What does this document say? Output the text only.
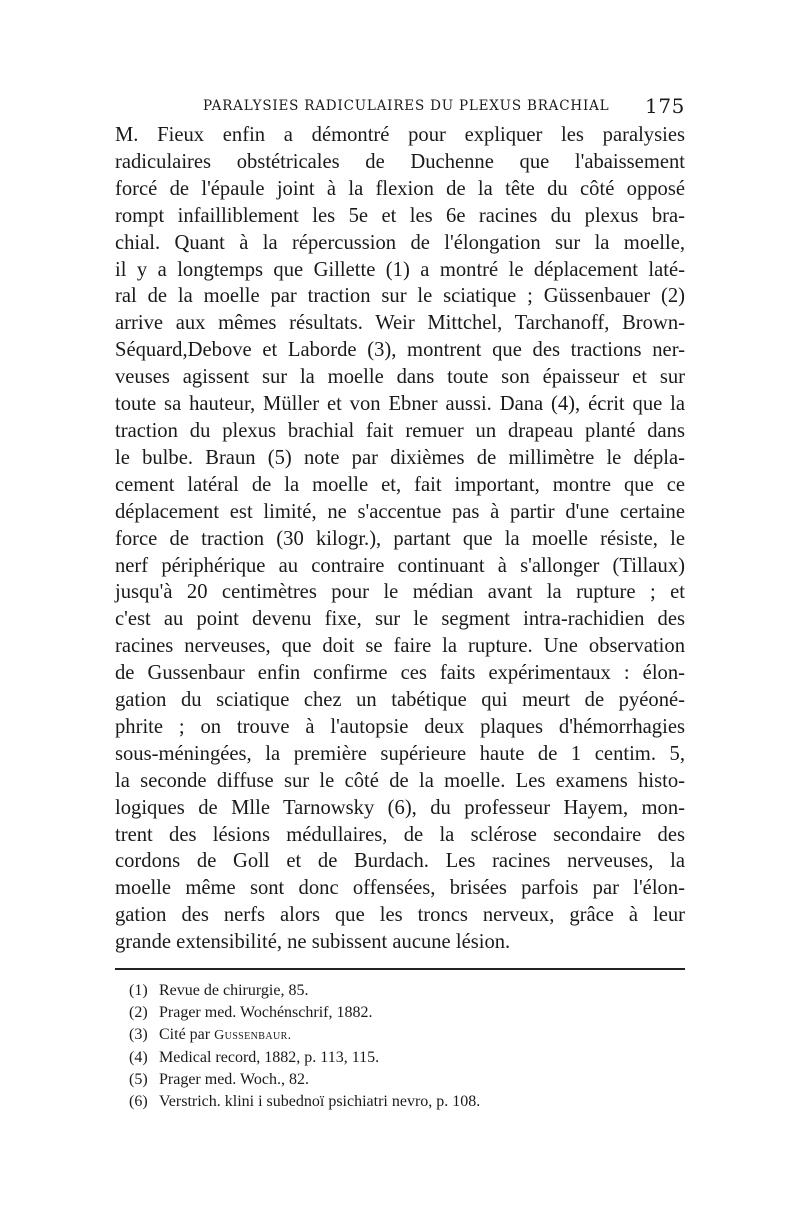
PARALYSIES RADICULAIRES DU PLEXUS BRACHIAL 175
M. Fieux enfin a démontré pour expliquer les paralysies
radiculaires obstétricales de Duchenne que l'abaissement
forcé de l'épaule joint à la flexion de la tête du côté opposé
rompt infailliblement les 5e et les 6e racines du plexus bra-
chial. Quant à la répercussion de l'élongation sur la moelle,
il y a longtemps que Gillette (1) a montré le déplacement laté-
ral de la moelle par traction sur le sciatique ; Güssenbauer (2)
arrive aux mêmes résultats. Weir Mittchel, Tarchanoff, Brown-
Séquard,Debove et Laborde (3), montrent que des tractions ner-
veuses agissent sur la moelle dans toute son épaisseur et sur
toute sa hauteur, Müller et von Ebner aussi. Dana (4), écrit que la
traction du plexus brachial fait remuer un drapeau planté dans
le bulbe. Braun (5) note par dixièmes de millimètre le dépla-
cement latéral de la moelle et, fait important, montre que ce
déplacement est limité, ne s'accentue pas à partir d'une certaine
force de traction (30 kilogr.), partant que la moelle résiste, le
nerf périphérique au contraire continuant à s'allonger (Tillaux)
jusqu'à 20 centimètres pour le médian avant la rupture ; et
c'est au point devenu fixe, sur le segment intra-rachidien des
racines nerveuses, que doit se faire la rupture. Une observation
de Gussenbaur enfin confirme ces faits expérimentaux : élon-
gation du sciatique chez un tabétique qui meurt de pyéoné-
phrite ; on trouve à l'autopsie deux plaques d'hémorrhagies
sous-méningées, la première supérieure haute de 1 centim. 5,
la seconde diffuse sur le côté de la moelle. Les examens histo-
logiques de Mlle Tarnowsky (6), du professeur Hayem, mon-
trent des lésions médullaires, de la sclérose secondaire des
cordons de Goll et de Burdach. Les racines nerveuses, la
moelle même sont donc offensées, brisées parfois par l'élon-
gation des nerfs alors que les troncs nerveux, grâce à leur
grande extensibilité, ne subissent aucune lésion.
(1) Revue de chirurgie, 85.
(2) Prager med. Wochénschrif, 1882.
(3) Cité par Gussenbaur.
(4) Medical record, 1882, p. 113, 115.
(5) Prager med. Woch., 82.
(6) Verstrich. klini i subednoï psichiatri nevro, p. 108.
